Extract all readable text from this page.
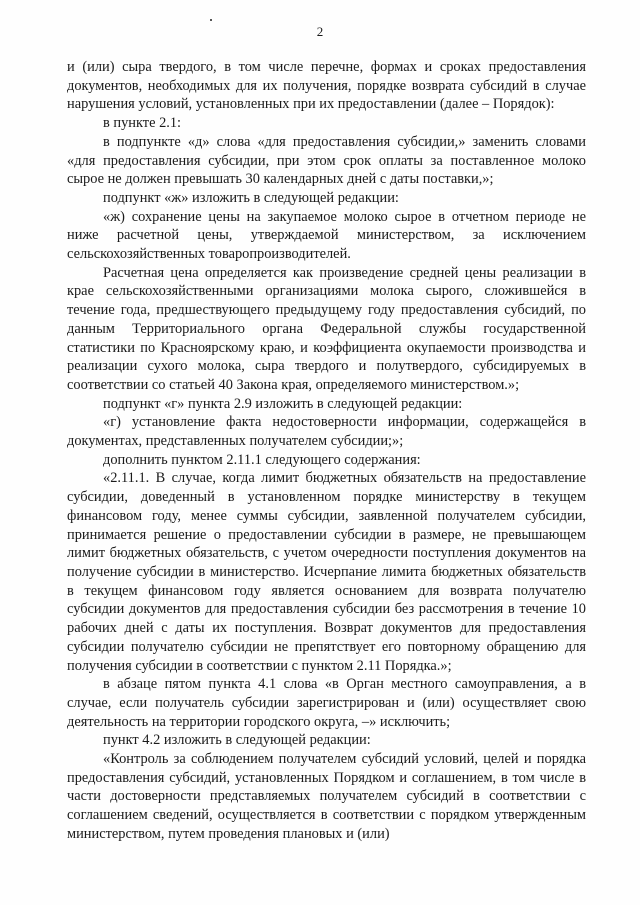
2

и (или) сыра твердого, в том числе перечне, формах и сроках предоставления документов, необходимых для их получения, порядке возврата субсидий в случае нарушения условий, установленных при их предоставлении (далее – Порядок):

в пункте 2.1:

в подпункте «д» слова «для предоставления субсидии,» заменить словами «для предоставления субсидии, при этом срок оплаты за поставленное молоко сырое не должен превышать 30 календарных дней с даты поставки,»;

подпункт «ж» изложить в следующей редакции:

«ж) сохранение цены на закупаемое молоко сырое в отчетном периоде не ниже расчетной цены, утверждаемой министерством, за исключением сельскохозяйственных товаропроизводителей.

Расчетная цена определяется как произведение средней цены реализации в крае сельскохозяйственными организациями молока сырого, сложившейся в течение года, предшествующего предыдущему году предоставления субсидий, по данным Территориального органа Федеральной службы государственной статистики по Красноярскому краю, и коэффициента окупаемости производства и реализации сухого молока, сыра твердого и полутвердого, субсидируемых в соответствии со статьей 40 Закона края, определяемого министерством.»;

подпункт «г» пункта 2.9 изложить в следующей редакции:

«г) установление факта недостоверности информации, содержащейся в документах, представленных получателем субсидии;»;

дополнить пунктом 2.11.1 следующего содержания:

«2.11.1. В случае, когда лимит бюджетных обязательств на предоставление субсидии, доведенный в установленном порядке министерству в текущем финансовом году, менее суммы субсидии, заявленной получателем субсидии, принимается решение о предоставлении субсидии в размере, не превышающем лимит бюджетных обязательств, с учетом очередности поступления документов на получение субсидии в министерство. Исчерпание лимита бюджетных обязательств в текущем финансовом году является основанием для возврата получателю субсидии документов для предоставления субсидии без рассмотрения в течение 10 рабочих дней с даты их поступления. Возврат документов для предоставления субсидии получателю субсидии не препятствует его повторному обращению для получения субсидии в соответствии с пунктом 2.11 Порядка.»;

в абзаце пятом пункта 4.1 слова «в Орган местного самоуправления, а в случае, если получатель субсидии зарегистрирован и (или) осуществляет свою деятельность на территории городского округа, –» исключить;

пункт 4.2 изложить в следующей редакции:

«Контроль за соблюдением получателем субсидий условий, целей и порядка предоставления субсидий, установленных Порядком и соглашением, в том числе в части достоверности представляемых получателем субсидий в соответствии с соглашением сведений, осуществляется в соответствии с порядком утвержденным министерством, путем проведения плановых и (или)
